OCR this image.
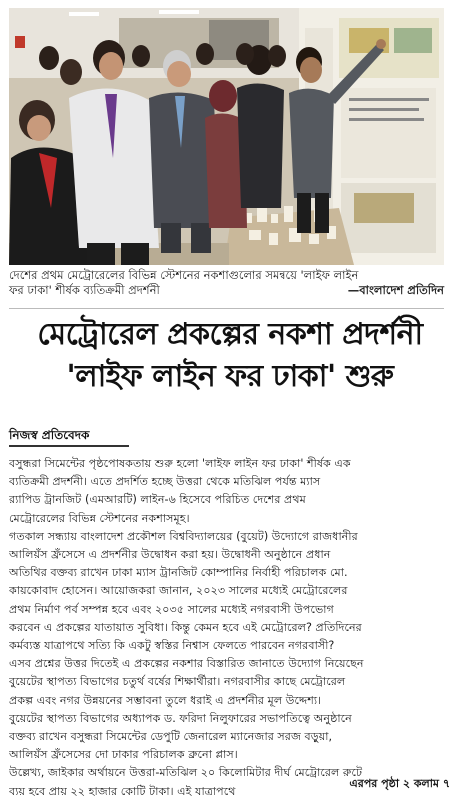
দেশের প্রথম মেট্রোরেলের বিভিন্ন স্টেশনের নকশাগুলোর সমন্বয়ে 'লাইফ লাইন
ফর ঢাকা' শীর্ষক ব্যতিক্রমী প্রদর্শনী	—বাংলাদেশ প্রতিদিন
মেট্রোরেল প্রকল্পের নকশা প্রদর্শনী
'লাইফ লাইন ফর ঢাকা' শুরু
নিজস্ব প্রতিবেদক
বসুন্ধরা সিমেন্টের পৃষ্ঠপোষকতায় শুরু হলো 'লাইফ লাইন ফর ঢাকা' শীর্ষক এক
ব্যতিক্রমী প্রদর্শনী। এতে প্রদর্শিত হচ্ছে উত্তরা থেকে মতিঝিল পর্যন্ত ম্যাস
র‍্যাপিড ট্রানজিট (এমআরটি) লাইন-৬ হিসেবে পরিচিত দেশের প্রথম
মেট্রোরেলের বিভিন্ন স্টেশনের নকশাসমূহ।
গতকাল সন্ধ্যায় বাংলাদেশ প্রকৌশল বিশ্ববিদ্যালয়ের (বুয়েট) উদ্যোগে রাজধানীর
আলিয়ঁস ফ্রঁসেসে এ প্রদর্শনীর উদ্বোধন করা হয়। উদ্বোধনী অনুষ্ঠানে প্রধান
অতিথির বক্তব্য রাখেন ঢাকা ম্যাস ট্রানজিট কোম্পানির নির্বাহী পরিচালক মো.
কায়কোবাদ হোসেন। আয়োজকরা জানান, ২০২৩ সালের মধ্যেই মেট্রোরেলের
প্রথম নির্মাণ পর্ব সম্পন্ন হবে এবং ২০৩৫ সালের মধ্যেই নগরবাসী উপভোগ
করবেন এ প্রকল্পের যাতায়াত সুবিধা। কিন্তু কেমন হবে এই মেট্রোরেল? প্রতিদিনের
কর্মব্যস্ত যাত্রাপথে সত্যি কি একটু স্বস্তির নিশ্বাস ফেলতে পারবেন নগরবাসী?
এসব প্রশ্নের উত্তর দিতেই এ প্রকল্পের নকশার বিস্তারিত জানাতে উদ্যোগ নিয়েছেন
বুয়েটের স্থাপত্য বিভাগের চতুর্থ বর্ষের শিক্ষার্থীরা। নগরবাসীর কাছে মেট্রোরেল
প্রকল্প এবং নগর উন্নয়নের সম্ভাবনা তুলে ধরাই এ প্রদর্শনীর মূল উদ্দেশ্য।
বুয়েটের স্থাপত্য বিভাগের অধ্যাপক ড. ফরিদা নিলুফারের সভাপতিত্বে অনুষ্ঠানে
বক্তব্য রাখেন বসুন্ধরা সিমেন্টের ডেপুটি জেনারেল ম্যানেজার সরজ বড়ুয়া,
আলিয়ঁস ফ্রঁসেসের দো ঢাকার পরিচালক ব্রুনো প্লাস।
উল্লেখ্য, জাইকার অর্থায়নে উত্তরা-মতিঝিল ২০ কিলোমিটার দীর্ঘ মেট্রোরেল রুটে
ব্যয় হবে প্রায় ২২ হাজার কোটি টাকা। এই যাত্রাপথে
এরপর পৃষ্ঠা ২ কলাম ৭
